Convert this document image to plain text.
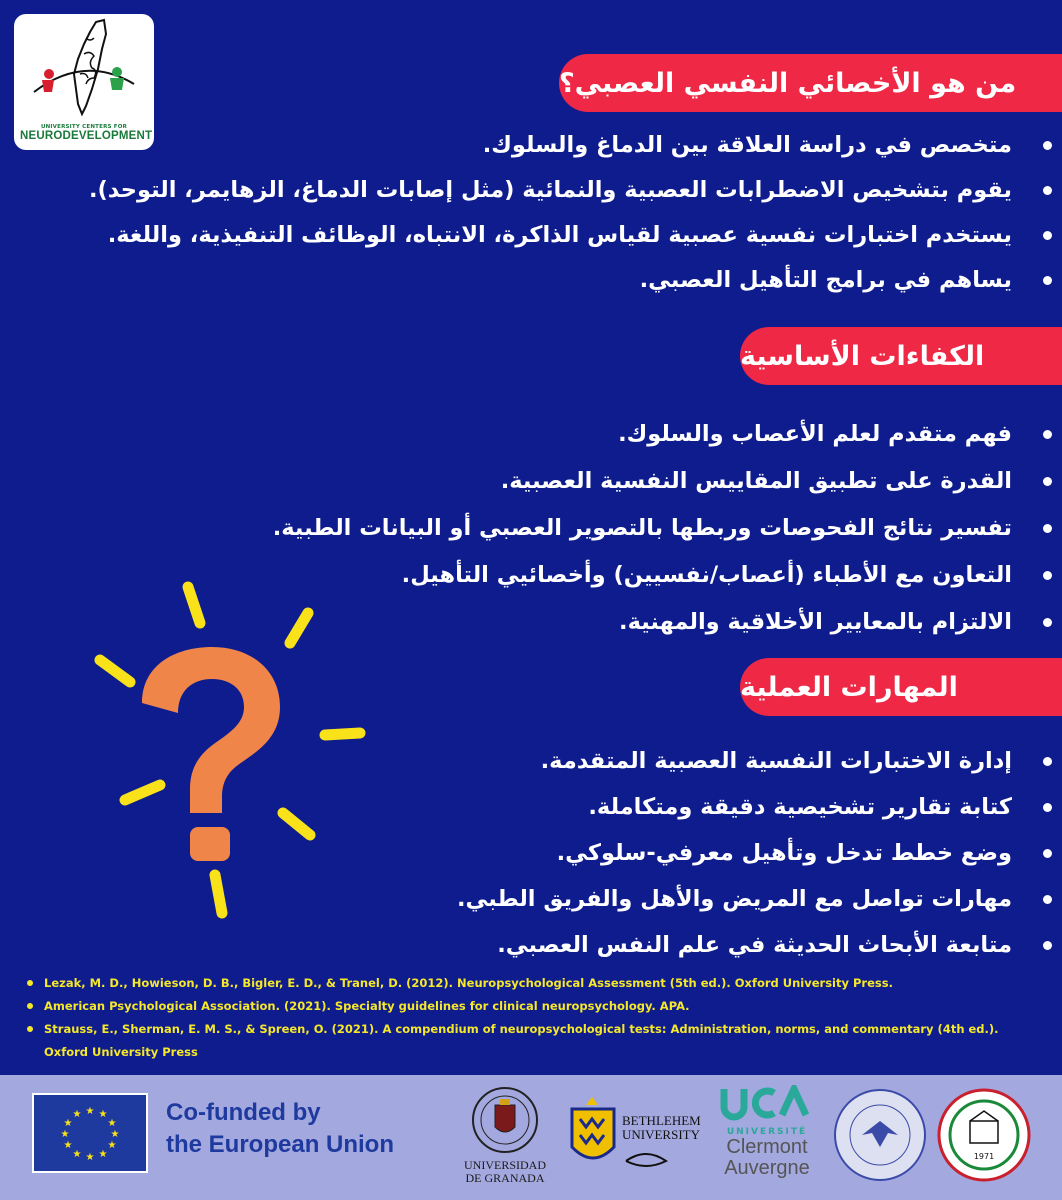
UNIVERSITY CENTERS FOR
NEURODEVELOPMENT
من هو الأخصائي النفسي العصبي؟
متخصص في دراسة العلاقة بين الدماغ والسلوك.
يقوم بتشخيص الاضطرابات العصبية والنمائية (مثل إصابات الدماغ، الزهايمر، التوحد).
يستخدم اختبارات نفسية عصبية لقياس الذاكرة، الانتباه، الوظائف التنفيذية، واللغة.
يساهم في برامج التأهيل العصبي.
الكفاءات الأساسية
فهم متقدم لعلم الأعصاب والسلوك.
القدرة على تطبيق المقاييس النفسية العصبية.
تفسير نتائج الفحوصات وربطها بالتصوير العصبي أو البيانات الطبية.
التعاون مع الأطباء (أعصاب/نفسيين) وأخصائيي التأهيل.
الالتزام بالمعايير الأخلاقية والمهنية.
المهارات العملية
إدارة الاختبارات النفسية العصبية المتقدمة.
كتابة تقارير تشخيصية دقيقة ومتكاملة.
وضع خطط تدخل وتأهيل معرفي-سلوكي.
مهارات تواصل مع المريض والأهل والفريق الطبي.
متابعة الأبحاث الحديثة في علم النفس العصبي.
Lezak, M. D., Howieson, D. B., Bigler, E. D., & Tranel, D. (2012). Neuropsychological Assessment (5th ed.). Oxford University Press.
American Psychological Association. (2021). Specialty guidelines for clinical neuropsychology. APA.
Strauss, E., Sherman, E. M. S., & Spreen, O. (2021). A compendium of neuropsychological tests: Administration, norms, and commentary (4th ed.). Oxford University Press
★ ★
★
★
★
★
★
★
★
★
★
★	Co-funded by
the European Union
UNIVERSIDAD
DE GRANADA
BETHLEHEM
UNIVERSITY	UNIVERSITÉ
Clermont
Auvergne
1971
